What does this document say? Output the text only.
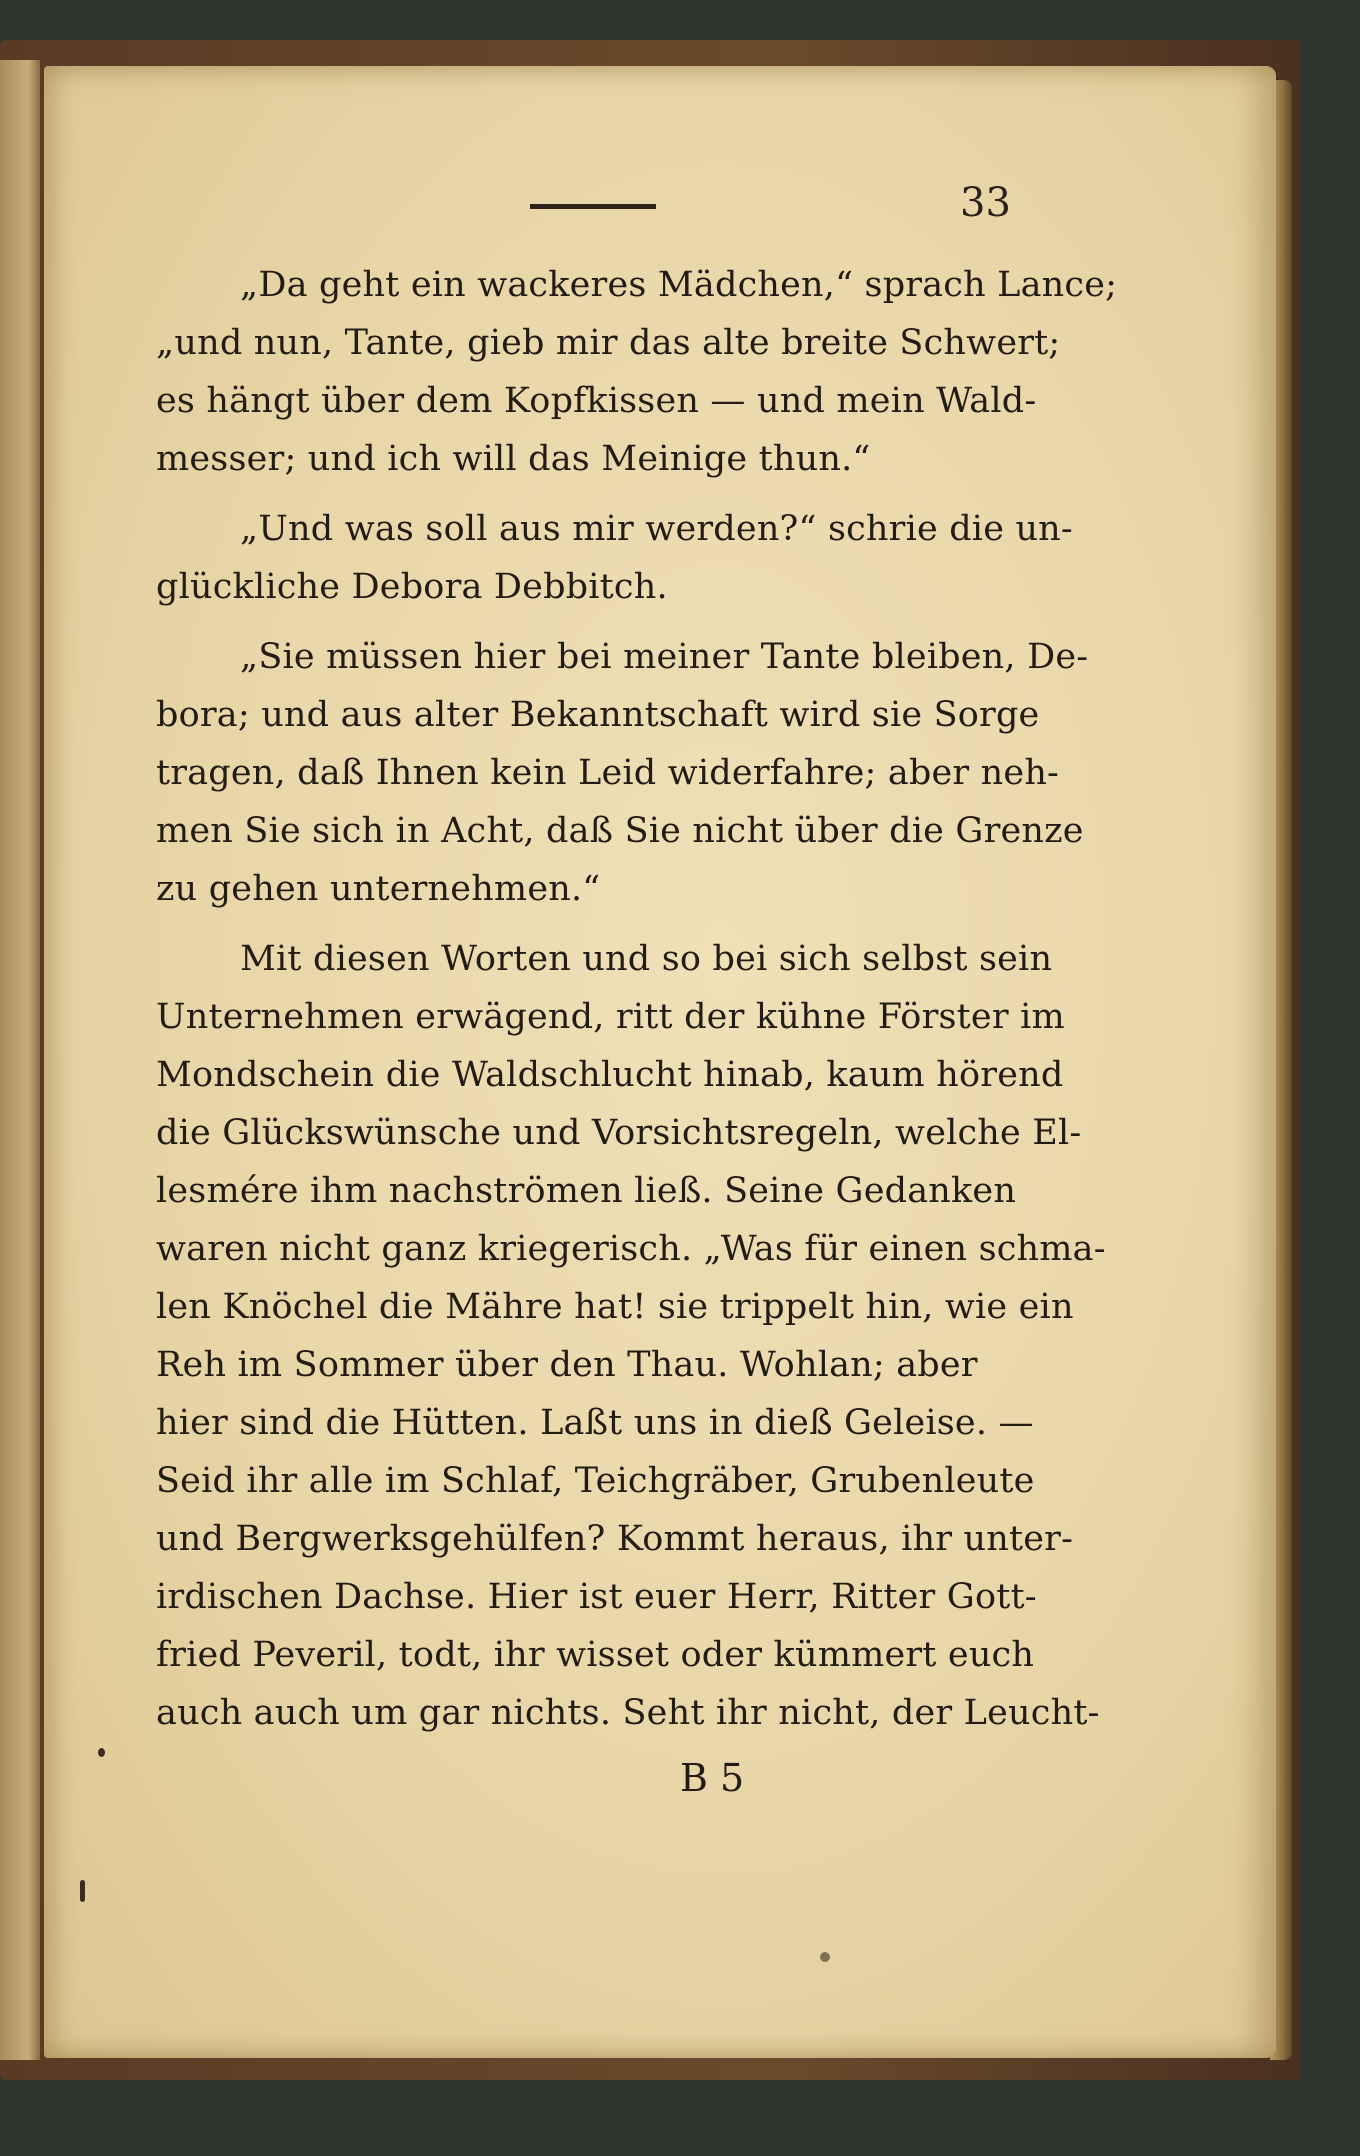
33
„Da geht ein wackeres Mädchen,“ sprach Lance;
„und nun, Tante, gieb mir das alte breite Schwert;
es hängt über dem Kopfkissen — und mein Wald-
messer; und ich will das Meinige thun.“
„Und was soll aus mir werden?“ schrie die un-
glückliche Debora Debbitch.
„Sie müssen hier bei meiner Tante bleiben, De-
bora; und aus alter Bekanntschaft wird sie Sorge
tragen, daß Ihnen kein Leid widerfahre; aber neh-
men Sie sich in Acht, daß Sie nicht über die Grenze
zu gehen unternehmen.“
Mit diesen Worten und so bei sich selbst sein
Unternehmen erwägend, ritt der kühne Förster im
Mondschein die Waldschlucht hinab, kaum hörend
die Glückswünsche und Vorsichtsregeln, welche El-
lesmére ihm nachströmen ließ. Seine Gedanken
waren nicht ganz kriegerisch. „Was für einen schma-
len Knöchel die Mähre hat! sie trippelt hin, wie ein
Reh im Sommer über den Thau. Wohlan; aber
hier sind die Hütten. Laßt uns in dieß Geleise. —
Seid ihr alle im Schlaf, Teichgräber, Grubenleute
und Bergwerksgehülfen? Kommt heraus, ihr unter-
irdischen Dachse. Hier ist euer Herr, Ritter Gott-
fried Peveril, todt, ihr wisset oder kümmert euch
auch auch um gar nichts. Seht ihr nicht, der Leucht-
B 5
